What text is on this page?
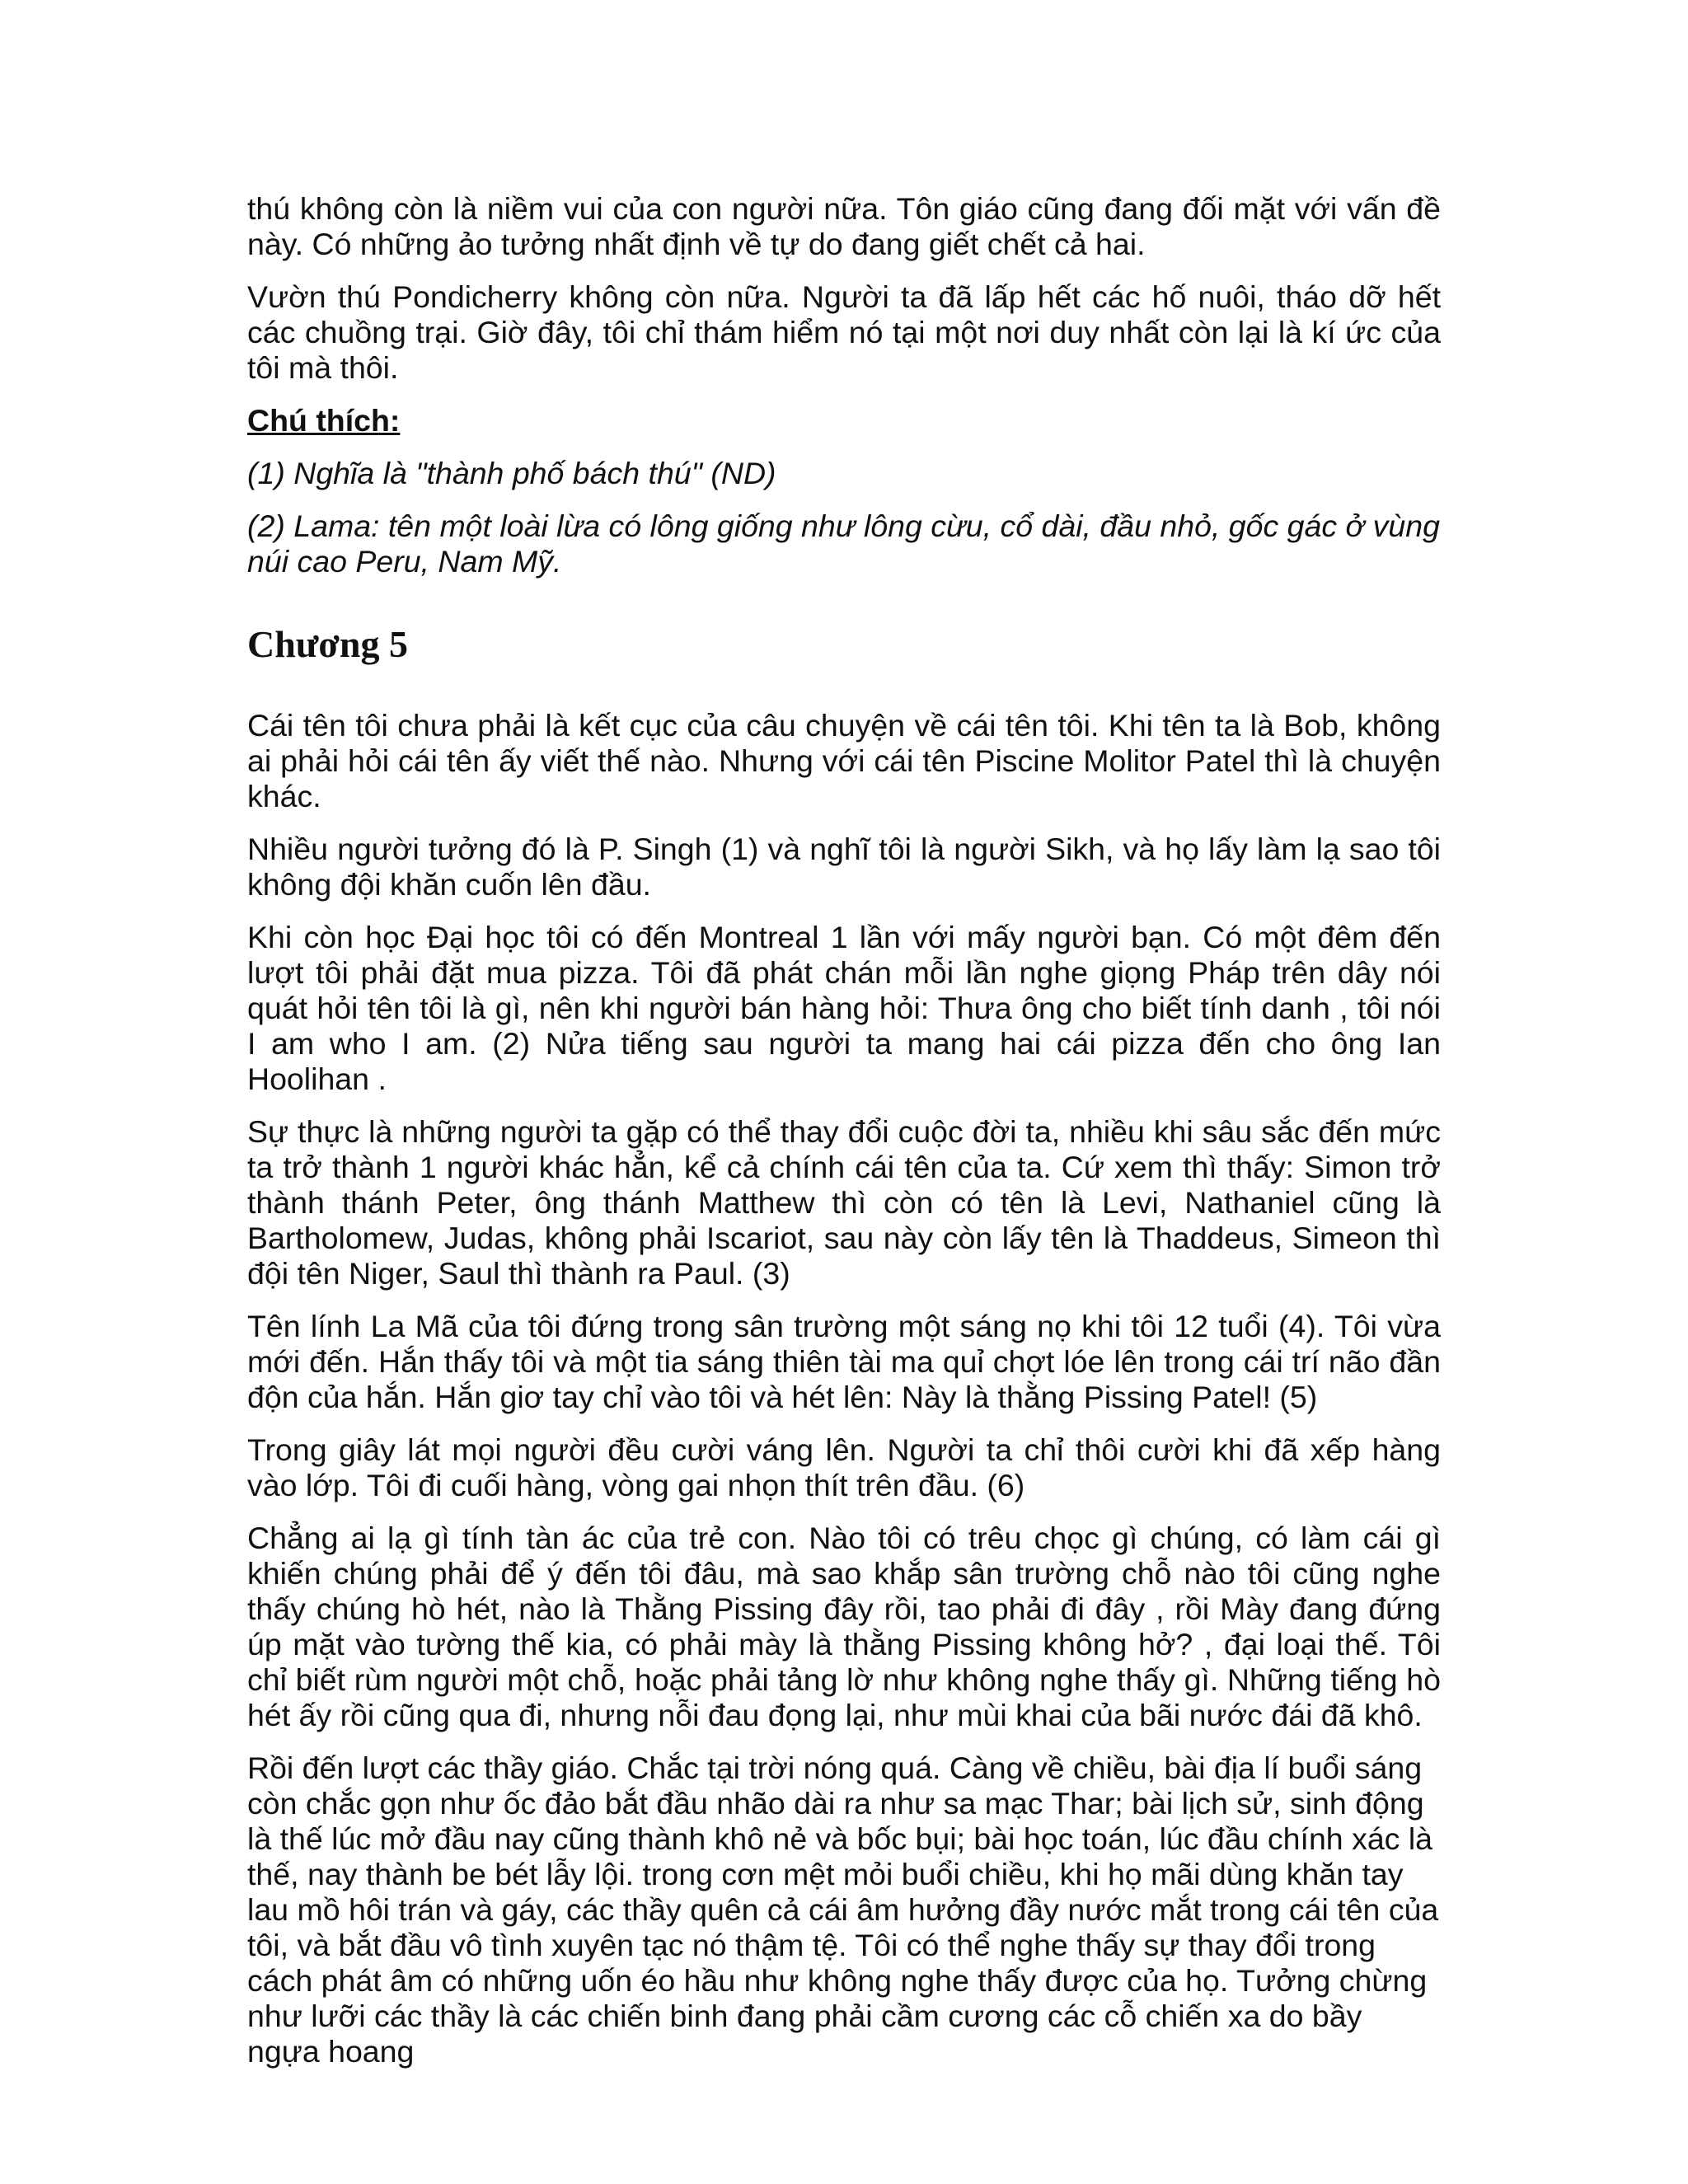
thú không còn là niềm vui của con người nữa. Tôn giáo cũng đang đối mặt với vấn đề này. Có những ảo tưởng nhất định về tự do đang giết chết cả hai.

Vườn thú Pondicherry không còn nữa. Người ta đã lấp hết các hố nuôi, tháo dỡ hết các chuồng trại. Giờ đây, tôi chỉ thám hiểm nó tại một nơi duy nhất còn lại là kí ức của tôi mà thôi.

Chú thích:

(1) Nghĩa là "thành phố bách thú" (ND)

(2) Lama: tên một loài lừa có lông giống như lông cừu, cổ dài, đầu nhỏ, gốc gác ở vùng núi cao Peru, Nam Mỹ.

Chương 5

Cái tên tôi chưa phải là kết cục của câu chuyện về cái tên tôi. Khi tên ta là Bob, không ai phải hỏi cái tên ấy viết thế nào. Nhưng với cái tên Piscine Molitor Patel thì là chuyện khác.

Nhiều người tưởng đó là P. Singh (1) và nghĩ tôi là người Sikh, và họ lấy làm lạ sao tôi không đội khăn cuốn lên đầu.

Khi còn học Đại học tôi có đến Montreal 1 lần với mấy người bạn. Có một đêm đến lượt tôi phải đặt mua pizza. Tôi đã phát chán mỗi lần nghe giọng Pháp trên dây nói quát hỏi tên tôi là gì, nên khi người bán hàng hỏi: Thưa ông cho biết tính danh , tôi nói I am who I am. (2) Nửa tiếng sau người ta mang hai cái pizza đến cho ông Ian Hoolihan .

Sự thực là những người ta gặp có thể thay đổi cuộc đời ta, nhiều khi sâu sắc đến mức ta trở thành 1 người khác hẳn, kể cả chính cái tên của ta. Cứ xem thì thấy: Simon trở thành thánh Peter, ông thánh Matthew thì còn có tên là Levi, Nathaniel cũng là Bartholomew, Judas, không phải Iscariot, sau này còn lấy tên là Thaddeus, Simeon thì đội tên Niger, Saul thì thành ra Paul. (3)

Tên lính La Mã của tôi đứng trong sân trường một sáng nọ khi tôi 12 tuổi (4). Tôi vừa mới đến. Hắn thấy tôi và một tia sáng thiên tài ma quỉ chợt lóe lên trong cái trí não đần độn của hắn. Hắn giơ tay chỉ vào tôi và hét lên: Này là thằng Pissing Patel! (5)

Trong giây lát mọi người đều cười váng lên. Người ta chỉ thôi cười khi đã xếp hàng vào lớp. Tôi đi cuối hàng, vòng gai nhọn thít trên đầu. (6)

Chẳng ai lạ gì tính tàn ác của trẻ con. Nào tôi có trêu chọc gì chúng, có làm cái gì khiến chúng phải để ý đến tôi đâu, mà sao khắp sân trường chỗ nào tôi cũng nghe thấy chúng hò hét, nào là Thằng Pissing đây rồi, tao phải đi đây , rồi Mày đang đứng úp mặt vào tường thế kia, có phải mày là thằng Pissing không hở? , đại loại thế. Tôi chỉ biết rùm người một chỗ, hoặc phải tảng lờ như không nghe thấy gì. Những tiếng hò hét ấy rồi cũng qua đi, nhưng nỗi đau đọng lại, như mùi khai của bãi nước đái đã khô.

Rồi đến lượt các thầy giáo. Chắc tại trời nóng quá. Càng về chiều, bài địa lí buổi sáng còn chắc gọn như ốc đảo bắt đầu nhão dài ra như sa mạc Thar; bài lịch sử, sinh động là thế lúc mở đầu nay cũng thành khô nẻ và bốc bụi; bài học toán, lúc đầu chính xác là thế, nay thành be bét lẫy lội. trong cơn mệt mỏi buổi chiều, khi họ mãi dùng khăn tay lau mồ hôi trán và gáy, các thầy quên cả cái âm hưởng đầy nước mắt trong cái tên của tôi, và bắt đầu vô tình xuyên tạc nó thậm tệ. Tôi có thể nghe thấy sự thay đổi trong cách phát âm có những uốn éo hầu như không nghe thấy được của họ. Tưởng chừng như lưỡi các thầy là các chiến binh đang phải cầm cương các cỗ chiến xa do bầy ngựa hoang
